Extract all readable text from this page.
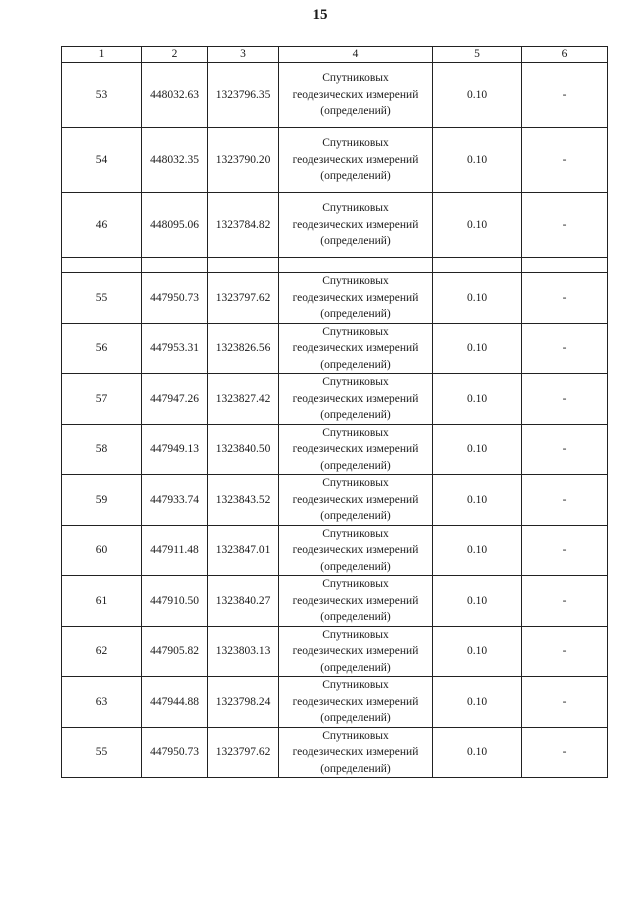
15
1	2	3	4	5	6
53	448032.63	1323796.35	Спутниковых
геодезических измерений
(определений)	0.10	-
54	448032.35	1323790.20	Спутниковых
геодезических измерений
(определений)	0.10	-
46	448095.06	1323784.82	Спутниковых
геодезических измерений
(определений)	0.10	-

55	447950.73	1323797.62	Спутниковых
геодезических измерений
(определений)	0.10	-
56	447953.31	1323826.56	Спутниковых
геодезических измерений
(определений)	0.10	-
57	447947.26	1323827.42	Спутниковых
геодезических измерений
(определений)	0.10	-
58	447949.13	1323840.50	Спутниковых
геодезических измерений
(определений)	0.10	-
59	447933.74	1323843.52	Спутниковых
геодезических измерений
(определений)	0.10	-
60	447911.48	1323847.01	Спутниковых
геодезических измерений
(определений)	0.10	-
61	447910.50	1323840.27	Спутниковых
геодезических измерений
(определений)	0.10	-
62	447905.82	1323803.13	Спутниковых
геодезических измерений
(определений)	0.10	-
63	447944.88	1323798.24	Спутниковых
геодезических измерений
(определений)	0.10	-
55	447950.73	1323797.62	Спутниковых
геодезических измерений
(определений)	0.10	-
